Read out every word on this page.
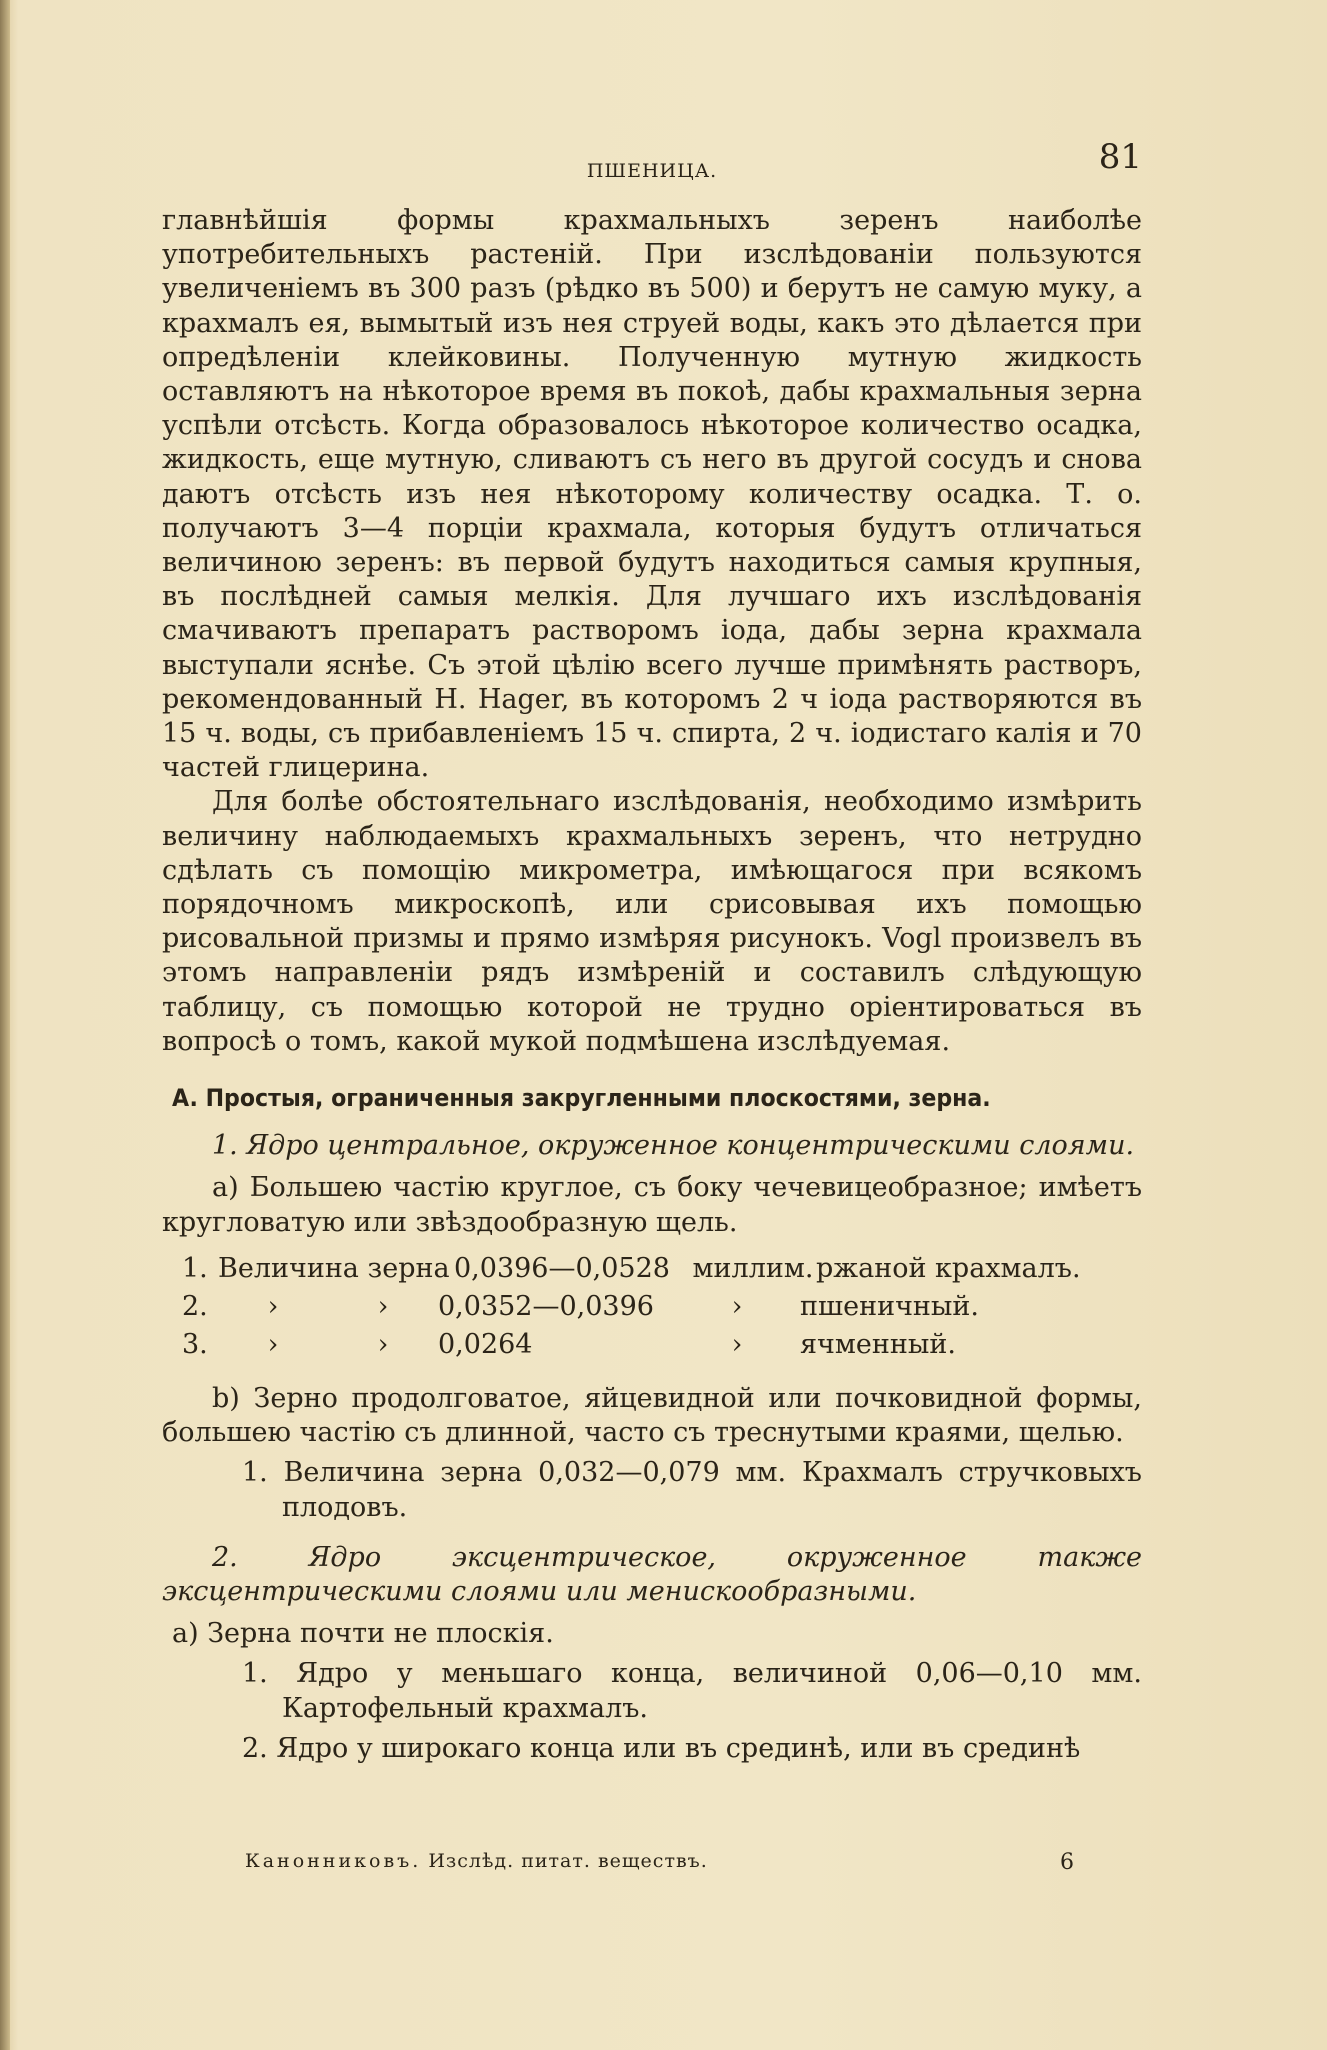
ПШЕНИЦА.	81

главнѣйшія формы крахмальныхъ зеренъ наиболѣе употребительныхъ растеній. При изслѣдованіи пользуются увеличеніемъ въ 300 разъ (рѣдко въ 500) и берутъ не самую муку, а крахмалъ ея, вымытый изъ нея струей воды, какъ это дѣлается при опредѣленіи клейковины. Полученную мутную жидкость оставляютъ на нѣкоторое время въ покоѣ, дабы крахмальныя зерна успѣли отсѣсть. Когда образовалось нѣкоторое количество осадка, жидкость, еще мутную, сливаютъ съ него въ другой сосудъ и снова даютъ отсѣсть изъ нея нѣкоторому количеству осадка. Т. о. получаютъ 3—4 порціи крахмала, которыя будутъ отличаться величиною зеренъ: въ первой будутъ находиться самыя крупныя, въ послѣдней самыя мелкія. Для лучшаго ихъ изслѣдованія смачиваютъ препаратъ растворомъ іода, дабы зерна крахмала выступали яснѣе. Съ этой цѣлію всего лучше примѣнять растворъ, рекомендованный H. Hager, въ которомъ 2 ч іода растворяются въ 15 ч. воды, съ прибавленіемъ 15 ч. спирта, 2 ч. іодистаго калія и 70 частей глицерина.

Для болѣе обстоятельнаго изслѣдованія, необходимо измѣрить величину наблюдаемыхъ крахмальныхъ зеренъ, что нетрудно сдѣлать съ помощію микрометра, имѣющагося при всякомъ порядочномъ микроскопѣ, или срисовывая ихъ помощью рисовальной призмы и прямо измѣряя рисунокъ. Vogl произвелъ въ этомъ направленіи рядъ измѣреній и составилъ слѣдующую таблицу, съ помощью которой не трудно оріентироваться въ вопросѣ о томъ, какой мукой подмѣшена изслѣдуемая.

A. Простыя, ограниченныя закругленными плоскостями, зерна.

1. Ядро центральное, окруженное концентрическими слоями.

a) Большею частію круглое, съ боку чечевицеобразное; имѣетъ кругловатую или звѣздообразную щель.

1. Величина зерна 0,0396—0,0528 миллим. ржаной крахмалъ.
2.	›	›	0,0352—0,0396	›	пшеничный.
3.	›	›	0,0264	›	ячменный.

b) Зерно продолговатое, яйцевидной или почковидной формы, большею частію съ длинной, часто съ треснутыми краями, щелью.

1. Величина зерна 0,032—0,079 мм. Крахмалъ стручковыхъ плодовъ.

2. Ядро эксцентрическое, окруженное также эксцентрическими слоями или менискообразными.

a) Зерна почти не плоскія.

1. Ядро у меньшаго конца, величиной 0,06—0,10 мм. Картофельный крахмалъ.

2. Ядро у широкаго конца или въ срединѣ, или въ срединѣ

Канонниковъ. Изслѣд. питат. веществъ.	6
